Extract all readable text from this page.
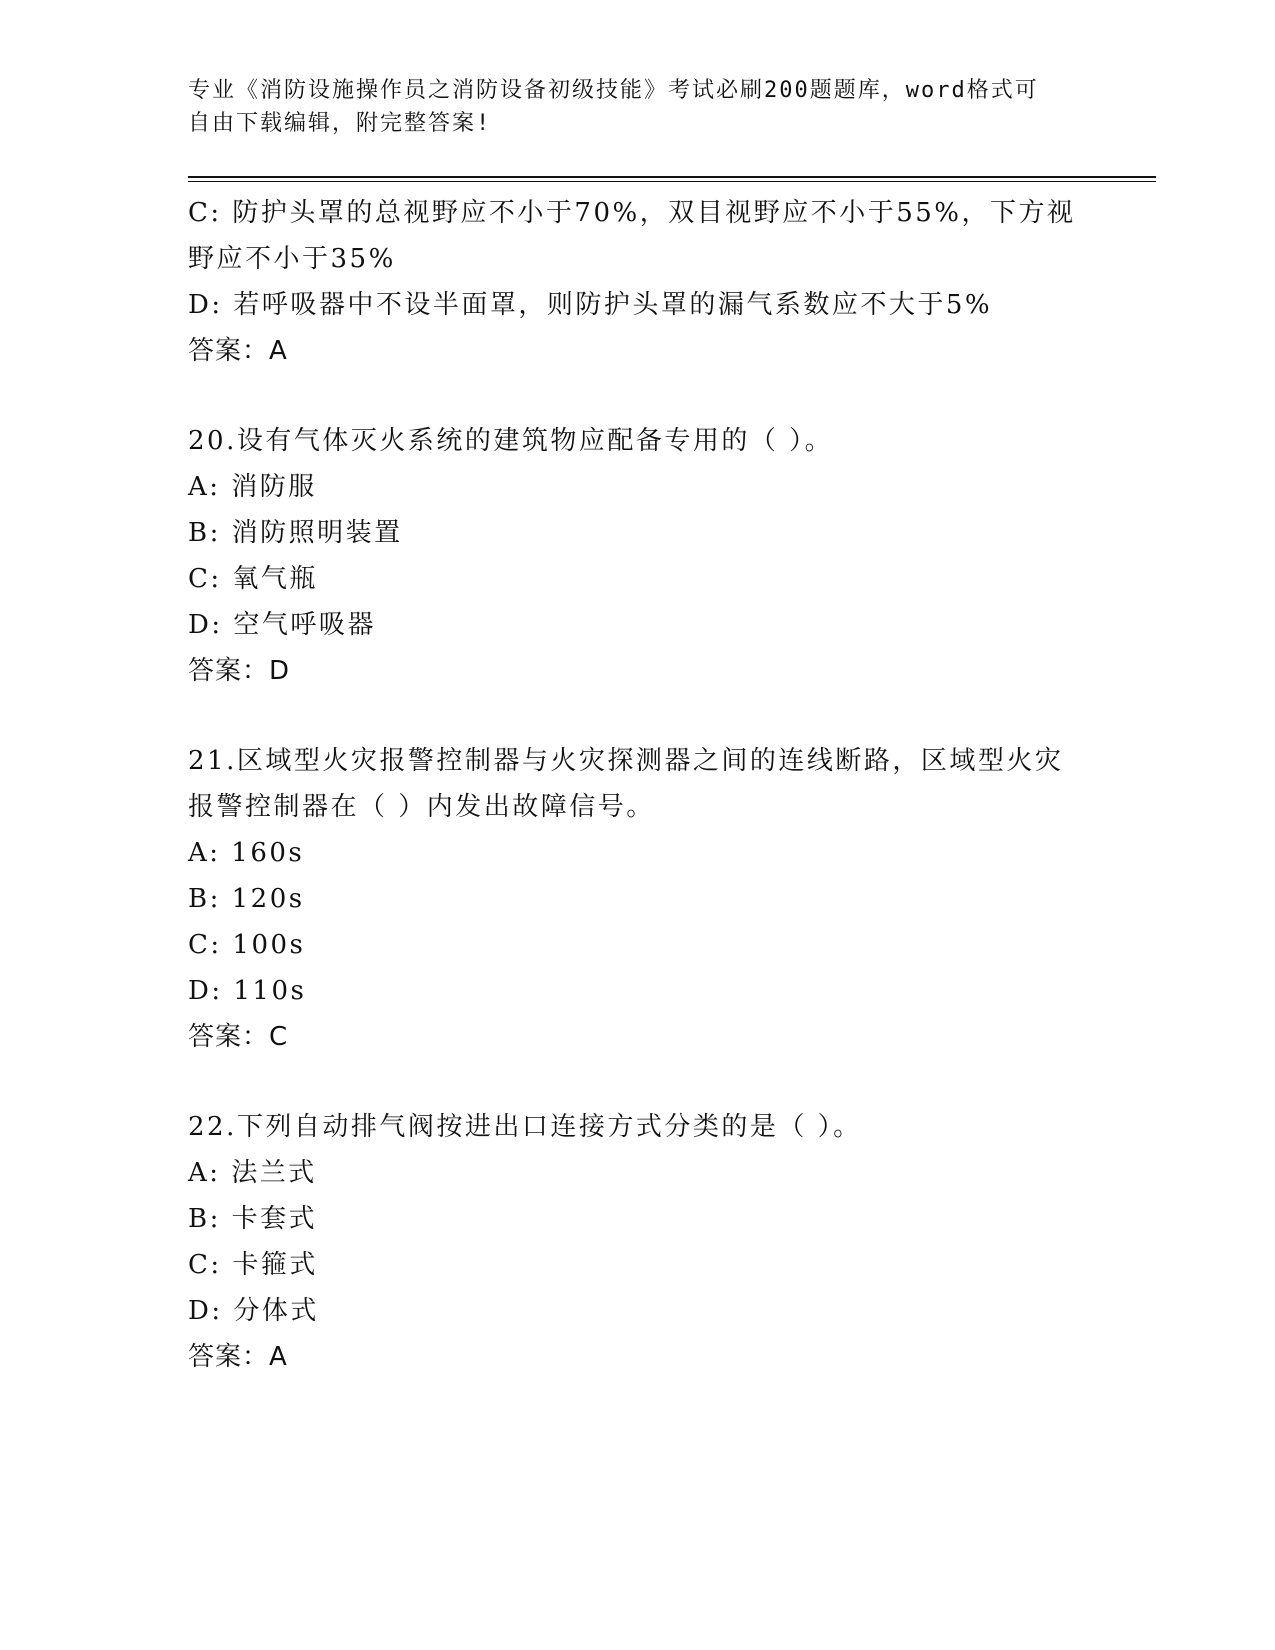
专业《消防设施操作员之消防设备初级技能》考试必刷200题题库，word格式可
自由下载编辑，附完整答案!
C: 防护头罩的总视野应不小于70%，双目视野应不小于55%，下方视
野应不小于35%
D: 若呼吸器中不设半面罩，则防护头罩的漏气系数应不大于5%
答案：A
20.设有气体灭火系统的建筑物应配备专用的（ ）。
A: 消防服
B: 消防照明装置
C: 氧气瓶
D: 空气呼吸器
答案：D
21.区域型火灾报警控制器与火灾探测器之间的连线断路，区域型火灾
报警控制器在（ ）内发出故障信号。
A: 160s
B: 120s
C: 100s
D: 110s
答案：C
22.下列自动排气阀按进出口连接方式分类的是（ ）。
A: 法兰式
B: 卡套式
C: 卡箍式
D: 分体式
答案：A
